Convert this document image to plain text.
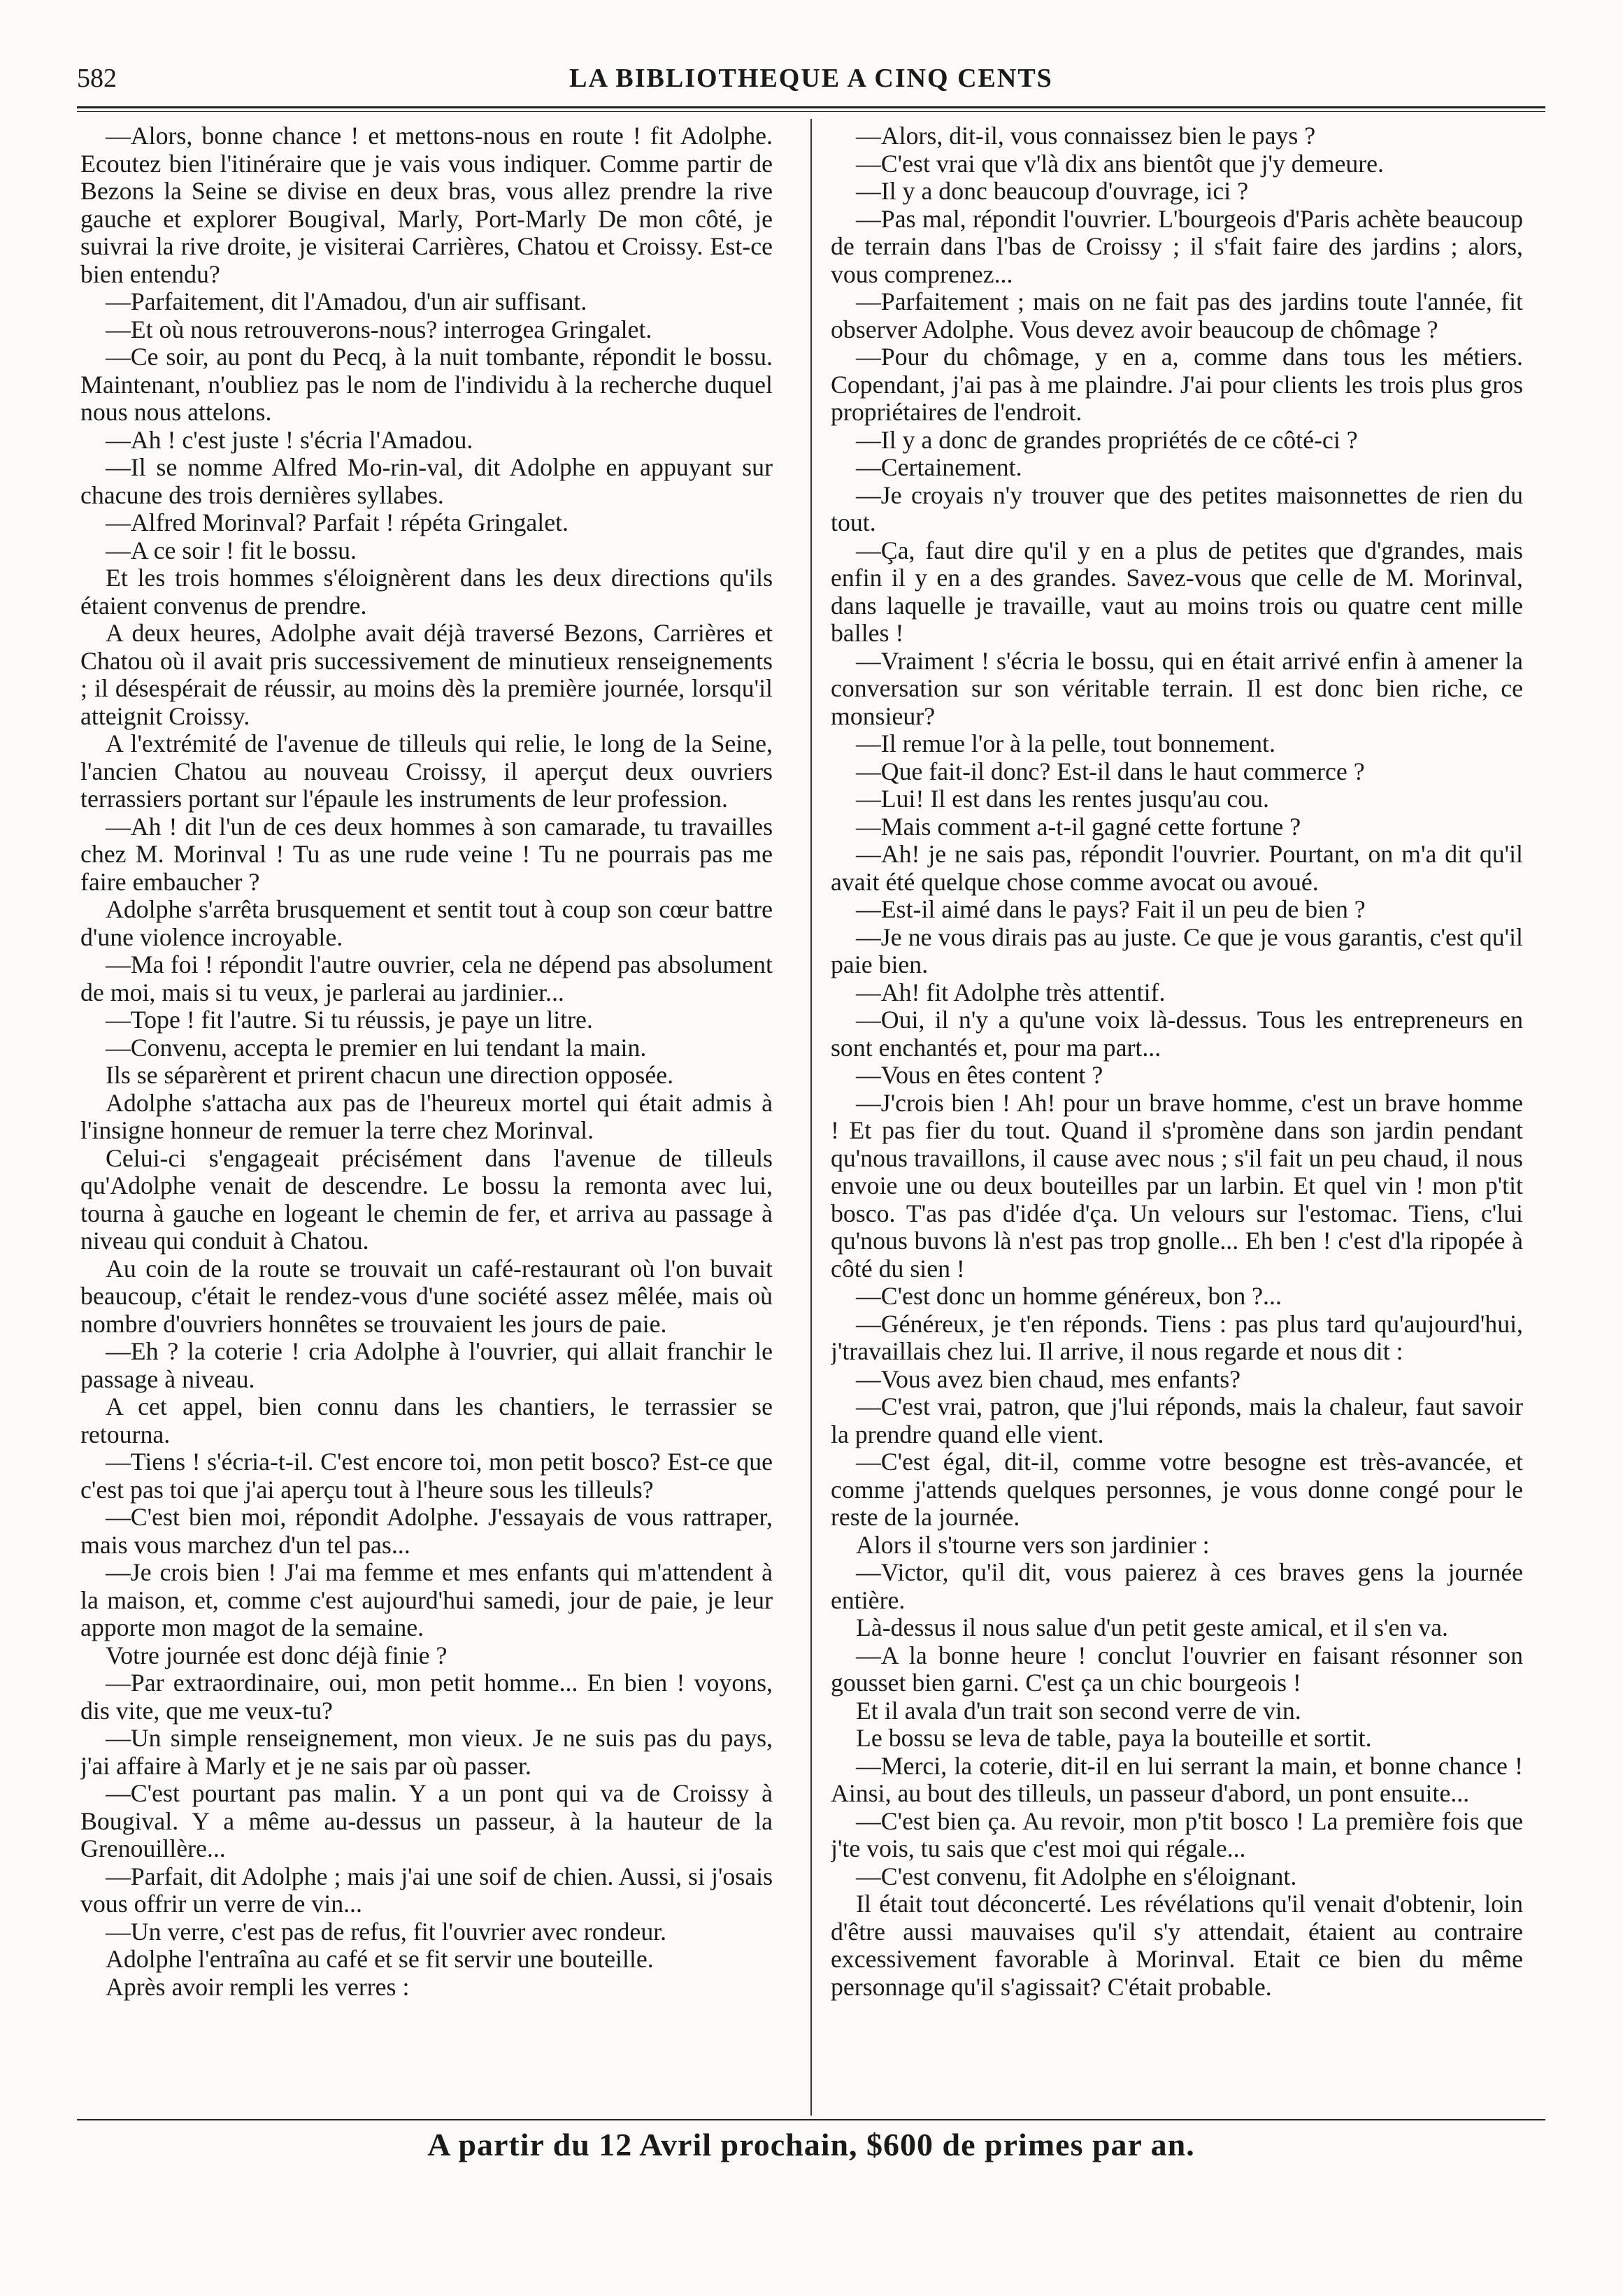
582	LA BIBLIOTHEQUE A CINQ CENTS

—Alors, bonne chance ! et mettons-nous en route ! fit Adolphe. Ecoutez bien l'itinéraire que je vais vous indiquer. Comme partir de Bezons la Seine se divise en deux bras, vous allez prendre la rive gauche et explorer Bougival, Marly, Port-Marly De mon côté, je suivrai la rive droite, je visiterai Carrières, Chatou et Croissy. Est-ce bien entendu?

—Parfaitement, dit l'Amadou, d'un air suffisant.

—Et où nous retrouverons-nous? interrogea Gringalet.

—Ce soir, au pont du Pecq, à la nuit tombante, répondit le bossu. Maintenant, n'oubliez pas le nom de l'individu à la recherche duquel nous nous attelons.

—Ah ! c'est juste ! s'écria l'Amadou.

—Il se nomme Alfred Mo-rin-val, dit Adolphe en appuyant sur chacune des trois dernières syllabes.

—Alfred Morinval? Parfait ! répéta Gringalet.

—A ce soir ! fit le bossu.

Et les trois hommes s'éloignèrent dans les deux directions qu'ils étaient convenus de prendre.

A deux heures, Adolphe avait déjà traversé Bezons, Carrières et Chatou où il avait pris successivement de minutieux renseignements ; il désespérait de réussir, au moins dès la première journée, lorsqu'il atteignit Croissy.

A l'extrémité de l'avenue de tilleuls qui relie, le long de la Seine, l'ancien Chatou au nouveau Croissy, il aperçut deux ouvriers terrassiers portant sur l'épaule les instruments de leur profession.

—Ah ! dit l'un de ces deux hommes à son camarade, tu travailles chez M. Morinval ! Tu as une rude veine ! Tu ne pourrais pas me faire embaucher ?

Adolphe s'arrêta brusquement et sentit tout à coup son cœur battre d'une violence incroyable.

—Ma foi ! répondit l'autre ouvrier, cela ne dépend pas absolument de moi, mais si tu veux, je parlerai au jardinier...

—Tope ! fit l'autre. Si tu réussis, je paye un litre.

—Convenu, accepta le premier en lui tendant la main.

Ils se séparèrent et prirent chacun une direction opposée.

Adolphe s'attacha aux pas de l'heureux mortel qui était admis à l'insigne honneur de remuer la terre chez Morinval.

Celui-ci s'engageait précisément dans l'avenue de tilleuls qu'Adolphe venait de descendre. Le bossu la remonta avec lui, tourna à gauche en logeant le chemin de fer, et arriva au passage à niveau qui conduit à Chatou.

Au coin de la route se trouvait un café-restaurant où l'on buvait beaucoup, c'était le rendez-vous d'une société assez mêlée, mais où nombre d'ouvriers honnêtes se trouvaient les jours de paie.

—Eh ? la coterie ! cria Adolphe à l'ouvrier, qui allait franchir le passage à niveau.

A cet appel, bien connu dans les chantiers, le terrassier se retourna.

—Tiens ! s'écria-t-il. C'est encore toi, mon petit bosco? Est-ce que c'est pas toi que j'ai aperçu tout à l'heure sous les tilleuls?

—C'est bien moi, répondit Adolphe. J'essayais de vous rattraper, mais vous marchez d'un tel pas...

—Je crois bien ! J'ai ma femme et mes enfants qui m'attendent à la maison, et, comme c'est aujourd'hui samedi, jour de paie, je leur apporte mon magot de la semaine.

Votre journée est donc déjà finie ?

—Par extraordinaire, oui, mon petit homme... En bien ! voyons, dis vite, que me veux-tu?

—Un simple renseignement, mon vieux. Je ne suis pas du pays, j'ai affaire à Marly et je ne sais par où passer.

—C'est pourtant pas malin. Y a un pont qui va de Croissy à Bougival. Y a même au-dessus un passeur, à la hauteur de la Grenouillère...

—Parfait, dit Adolphe ; mais j'ai une soif de chien. Aussi, si j'osais vous offrir un verre de vin...

—Un verre, c'est pas de refus, fit l'ouvrier avec rondeur.

Adolphe l'entraîna au café et se fit servir une bouteille.

Après avoir rempli les verres :

—Alors, dit-il, vous connaissez bien le pays ?

—C'est vrai que v'là dix ans bientôt que j'y demeure.

—Il y a donc beaucoup d'ouvrage, ici ?

—Pas mal, répondit l'ouvrier. L'bourgeois d'Paris achète beaucoup de terrain dans l'bas de Croissy ; il s'fait faire des jardins ; alors, vous comprenez...

—Parfaitement ; mais on ne fait pas des jardins toute l'année, fit observer Adolphe. Vous devez avoir beaucoup de chômage ?

—Pour du chômage, y en a, comme dans tous les métiers. Copendant, j'ai pas à me plaindre. J'ai pour clients les trois plus gros propriétaires de l'endroit.

—Il y a donc de grandes propriétés de ce côté-ci ?

—Certainement.

—Je croyais n'y trouver que des petites maisonnettes de rien du tout.

—Ça, faut dire qu'il y en a plus de petites que d'grandes, mais enfin il y en a des grandes. Savez-vous que celle de M. Morinval, dans laquelle je travaille, vaut au moins trois ou quatre cent mille balles !

—Vraiment ! s'écria le bossu, qui en était arrivé enfin à amener la conversation sur son véritable terrain. Il est donc bien riche, ce monsieur?

—Il remue l'or à la pelle, tout bonnement.

—Que fait-il donc? Est-il dans le haut commerce ?

—Lui! Il est dans les rentes jusqu'au cou.

—Mais comment a-t-il gagné cette fortune ?

—Ah! je ne sais pas, répondit l'ouvrier. Pourtant, on m'a dit qu'il avait été quelque chose comme avocat ou avoué.

—Est-il aimé dans le pays? Fait il un peu de bien ?

—Je ne vous dirais pas au juste. Ce que je vous garantis, c'est qu'il paie bien.

—Ah! fit Adolphe très attentif.

—Oui, il n'y a qu'une voix là-dessus. Tous les entrepreneurs en sont enchantés et, pour ma part...

—Vous en êtes content ?

—J'crois bien ! Ah! pour un brave homme, c'est un brave homme ! Et pas fier du tout. Quand il s'promène dans son jardin pendant qu'nous travaillons, il cause avec nous ; s'il fait un peu chaud, il nous envoie une ou deux bouteilles par un larbin. Et quel vin ! mon p'tit bosco. T'as pas d'idée d'ça. Un velours sur l'estomac. Tiens, c'lui qu'nous buvons là n'est pas trop gnolle... Eh ben ! c'est d'la ripopée à côté du sien !

—C'est donc un homme généreux, bon ?...

—Généreux, je t'en réponds. Tiens : pas plus tard qu'aujourd'hui, j'travaillais chez lui. Il arrive, il nous regarde et nous dit :

—Vous avez bien chaud, mes enfants?

—C'est vrai, patron, que j'lui réponds, mais la chaleur, faut savoir la prendre quand elle vient.

—C'est égal, dit-il, comme votre besogne est très-avancée, et comme j'attends quelques personnes, je vous donne congé pour le reste de la journée.

Alors il s'tourne vers son jardinier :

—Victor, qu'il dit, vous paierez à ces braves gens la journée entière.

Là-dessus il nous salue d'un petit geste amical, et il s'en va.

—A la bonne heure ! conclut l'ouvrier en faisant résonner son gousset bien garni. C'est ça un chic bourgeois !

Et il avala d'un trait son second verre de vin.

Le bossu se leva de table, paya la bouteille et sortit.

—Merci, la coterie, dit-il en lui serrant la main, et bonne chance ! Ainsi, au bout des tilleuls, un passeur d'abord, un pont ensuite...

—C'est bien ça. Au revoir, mon p'tit bosco ! La première fois que j'te vois, tu sais que c'est moi qui régale...

—C'est convenu, fit Adolphe en s'éloignant.

Il était tout déconcerté. Les révélations qu'il venait d'obtenir, loin d'être aussi mauvaises qu'il s'y attendait, étaient au contraire excessivement favorable à Morinval. Etait ce bien du même personnage qu'il s'agissait? C'était probable.

A partir du 12 Avril prochain, $600 de primes par an.
